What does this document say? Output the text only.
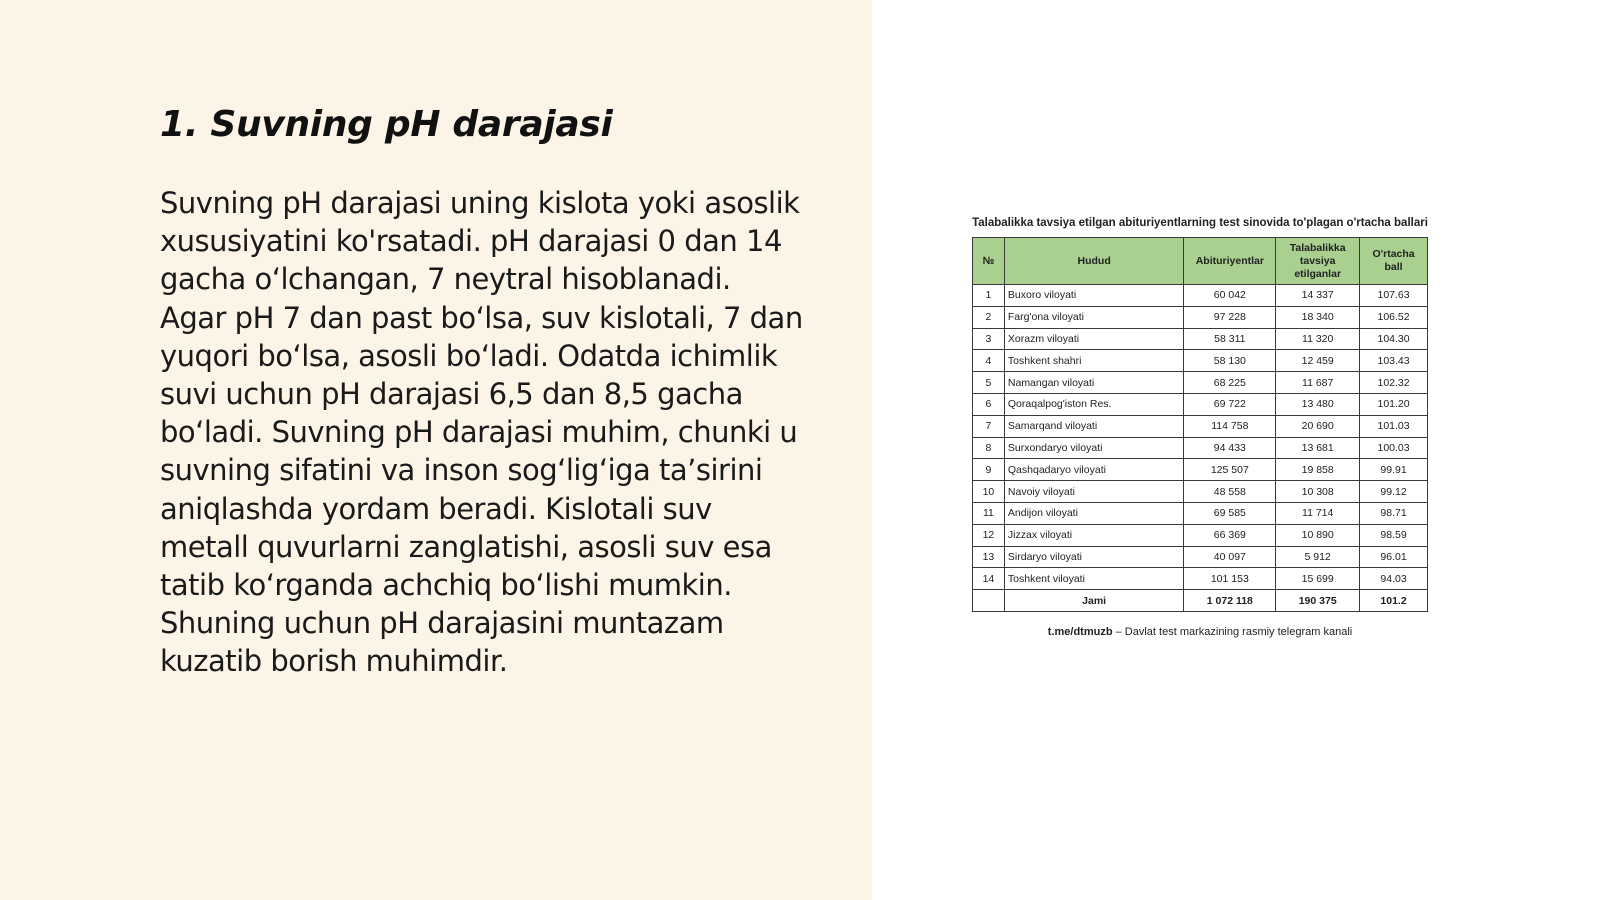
1. Suvning pH darajasi

Suvning pH darajasi uning kislota yoki asoslik
xususiyatini ko'rsatadi. pH darajasi 0 dan 14
gacha oʻlchangan, 7 neytral hisoblanadi.
Agar pH 7 dan past boʻlsa, suv kislotali, 7 dan
yuqori boʻlsa, asosli boʻladi. Odatda ichimlik
suvi uchun pH darajasi 6,5 dan 8,5 gacha
boʻladi. Suvning pH darajasi muhim, chunki u
suvning sifatini va inson sogʻligʻiga taʼsirini
aniqlashda yordam beradi. Kislotali suv
metall quvurlarni zanglatishi, asosli suv esa
tatib koʻrganda achchiq boʻlishi mumkin.
Shuning uchun pH darajasini muntazam
kuzatib borish muhimdir.

Talabalikka tavsiya etilgan abituriyentlarning test sinovida to'plagan o'rtacha ballari
№	Hudud	Abituriyentlar	Talabalikka tavsiya etilganlar	O'rtacha ball
1	Buxoro viloyati	60 042	14 337	107.63
2	Farg'ona viloyati	97 228	18 340	106.52
3	Xorazm viloyati	58 311	11 320	104.30
4	Toshkent shahri	58 130	12 459	103.43
5	Namangan viloyati	68 225	11 687	102.32
6	Qoraqalpog'iston Res.	69 722	13 480	101.20
7	Samarqand viloyati	114 758	20 690	101.03
8	Surxondaryo viloyati	94 433	13 681	100.03
9	Qashqadaryo viloyati	125 507	19 858	99.91
10	Navoiy viloyati	48 558	10 308	99.12
11	Andijon viloyati	69 585	11 714	98.71
12	Jizzax viloyati	66 369	10 890	98.59
13	Sirdaryo viloyati	40 097	5 912	96.01
14	Toshkent viloyati	101 153	15 699	94.03
	Jami	1 072 118	190 375	101.2
t.me/dtmuzb – Davlat test markazining rasmiy telegram kanali
